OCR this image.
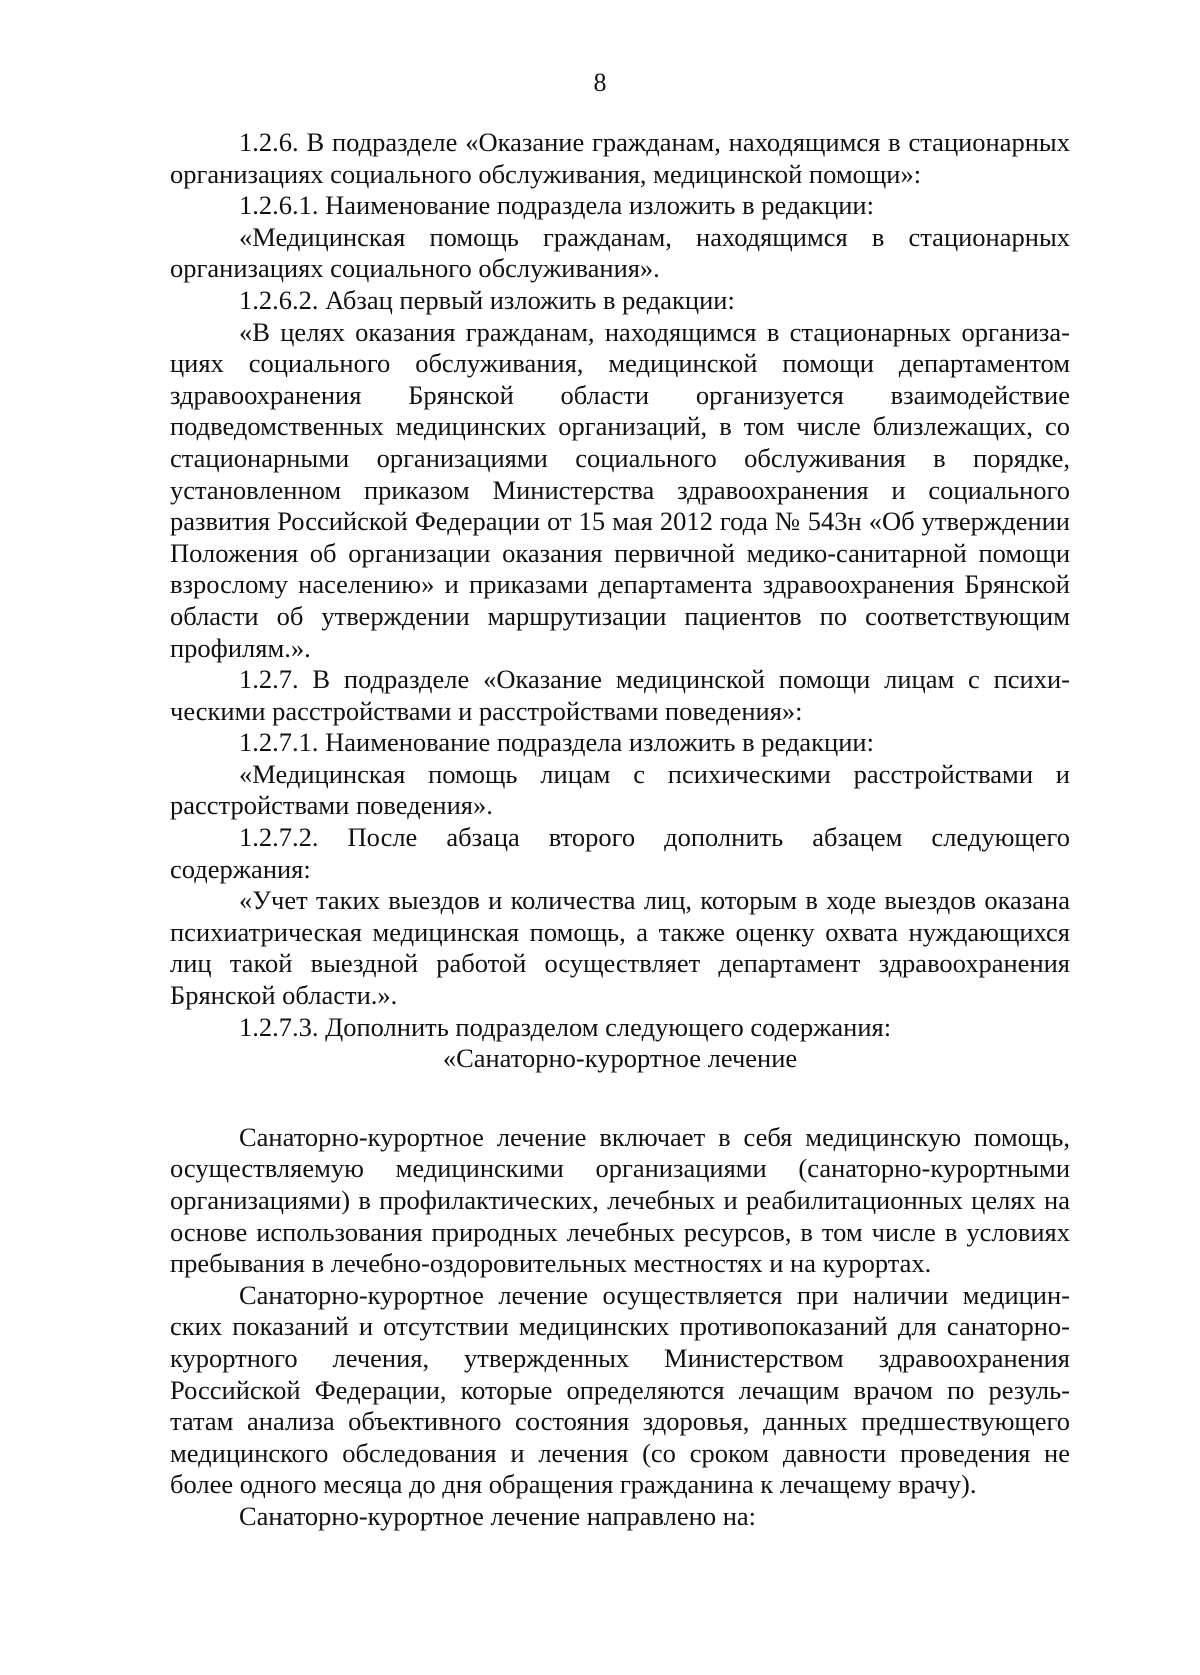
8

1.2.6. В подразделе «Оказание гражданам, находящимся в стационарных организациях социального обслуживания, медицинской помощи»:

1.2.6.1. Наименование подраздела изложить в редакции:

«Медицинская помощь гражданам, находящимся в стационарных организациях социального обслуживания».

1.2.6.2. Абзац первый изложить в редакции:

«В целях оказания гражданам, находящимся в стационарных организациях социального обслуживания, медицинской помощи департаментом здравоохранения Брянской области организуется взаимодействие подведомственных медицинских организаций, в том числе близлежащих, со стационарными организациями социального обслуживания в порядке, установленном приказом Министерства здравоохранения и социального развития Российской Федерации от 15 мая 2012 года № 543н «Об утверждении Положения об организации оказания первичной медико-санитарной помощи взрослому населению» и приказами департамента здравоохранения Брянской области об утверждении маршрутизации пациентов по соответствующим профилям.».

1.2.7. В подразделе «Оказание медицинской помощи лицам с психическими расстройствами и расстройствами поведения»:

1.2.7.1. Наименование подраздела изложить в редакции:

«Медицинская помощь лицам с психическими расстройствами и расстройствами поведения».

1.2.7.2. После абзаца второго дополнить абзацем следующего содержания:

«Учет таких выездов и количества лиц, которым в ходе выездов оказана психиатрическая медицинская помощь, а также оценку охвата нуждающихся лиц такой выездной работой осуществляет департамент здравоохранения Брянской области.».

1.2.7.3. Дополнить подразделом следующего содержания:

«Санаторно-курортное лечение

Санаторно-курортное лечение включает в себя медицинскую помощь, осуществляемую медицинскими организациями (санаторно-курортными организациями) в профилактических, лечебных и реабилитационных целях на основе использования природных лечебных ресурсов, в том числе в условиях пребывания в лечебно-оздоровительных местностях и на курортах.

Санаторно-курортное лечение осуществляется при наличии медицинских показаний и отсутствии медицинских противопоказаний для санаторно-курортного лечения, утвержденных Министерством здравоохранения Российской Федерации, которые определяются лечащим врачом по результатам анализа объективного состояния здоровья, данных предшествующего медицинского обследования и лечения (со сроком давности проведения не более одного месяца до дня обращения гражданина к лечащему врачу).

Санаторно-курортное лечение направлено на:
